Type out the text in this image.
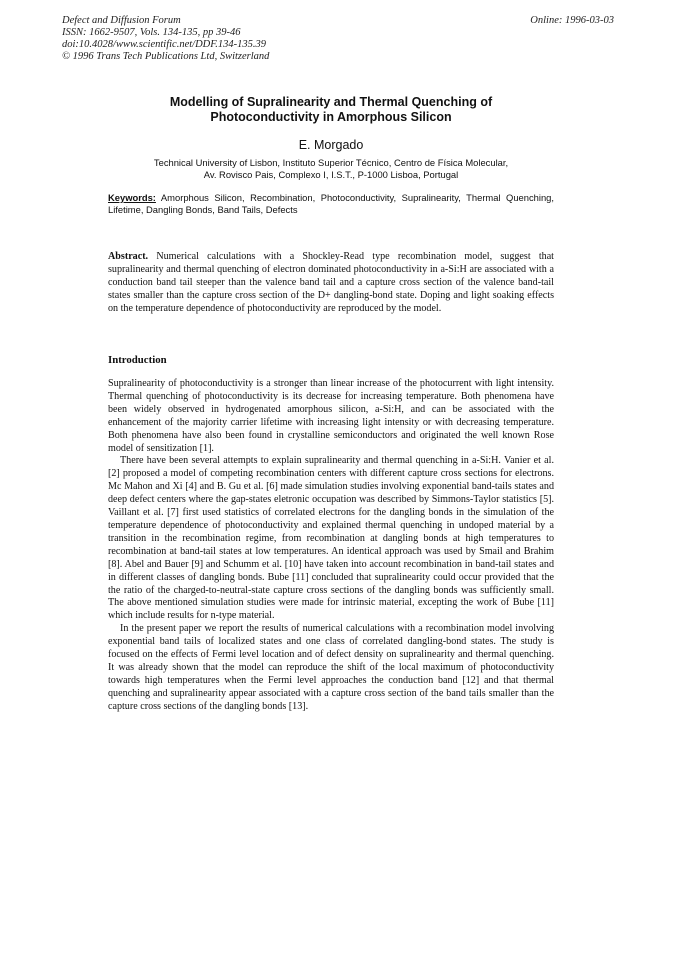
Defect and Diffusion Forum
ISSN: 1662-9507, Vols. 134-135, pp 39-46
doi:10.4028/www.scientific.net/DDF.134-135.39
© 1996 Trans Tech Publications Ltd, Switzerland
Online: 1996-03-03
Modelling of Supralinearity and Thermal Quenching of
Photoconductivity in Amorphous Silicon
E. Morgado
Technical University of Lisbon, Instituto Superior Técnico, Centro de Física Molecular,
Av. Rovisco Pais, Complexo I, I.S.T., P-1000 Lisboa, Portugal
Keywords: Amorphous Silicon, Recombination, Photoconductivity, Supralinearity, Thermal Quenching, Lifetime, Dangling Bonds, Band Tails, Defects

Abstract. Numerical calculations with a Shockley-Read type recombination model, suggest that supralinearity and thermal quenching of electron dominated photoconductivity in a-Si:H are associated with a conduction band tail steeper than the valence band tail and a capture cross section of the valence band-tail states smaller than the capture cross section of the D+ dangling-bond state. Doping and light soaking effects on the temperature dependence of photoconductivity are reproduced by the model.

Introduction

Supralinearity of photoconductivity is a stronger than linear increase of the photocurrent with light intensity. Thermal quenching of photoconductivity is its decrease for increasing temperature. Both phenomena have been widely observed in hydrogenated amorphous silicon, a-Si:H, and can be associated with the enhancement of the majority carrier lifetime with increasing light intensity or with decreasing temperature. Both phenomena have also been found in crystalline semiconductors and originated the well known Rose model of sensitization [1].

There have been several attempts to explain supralinearity and thermal quenching in a-Si:H. Vanier et al. [2] proposed a model of competing recombination centers with different capture cross sections for electrons. Mc Mahon and Xi [4] and B. Gu et al. [6] made simulation studies involving exponential band-tails states and deep defect centers where the gap-states eletronic occupation was described by Simmons-Taylor statistics [5]. Vaillant et al. [7] first used statistics of correlated electrons for the dangling bonds in the simulation of the temperature dependence of photoconductivity and explained thermal quenching in undoped material by a transition in the recombination regime, from recombination at dangling bonds at high temperatures to recombination at band-tail states at low temperatures. An identical approach was used by Smail and Brahim [8]. Abel and Bauer [9] and Schumm et al. [10] have taken into account recombination in band-tail states and in different classes of dangling bonds. Bube [11] concluded that supralinearity could occur provided that the the ratio of the charged-to-neutral-state capture cross sections of the dangling bonds was sufficiently small. The above mentioned simulation studies were made for intrinsic material, excepting the work of Bube [11] which include results for n-type material.

In the present paper we report the results of numerical calculations with a recombination model involving exponential band tails of localized states and one class of correlated dangling-bond states. The study is focused on the effects of Fermi level location and of defect density on supralinearity and thermal quenching. It was already shown that the model can reproduce the shift of the local maximum of photoconductivity towards high temperatures when the Fermi level approaches the conduction band [12] and that thermal quenching and supralinearity appear associated with a capture cross section of the band tails smaller than the capture cross sections of the dangling bonds [13].
